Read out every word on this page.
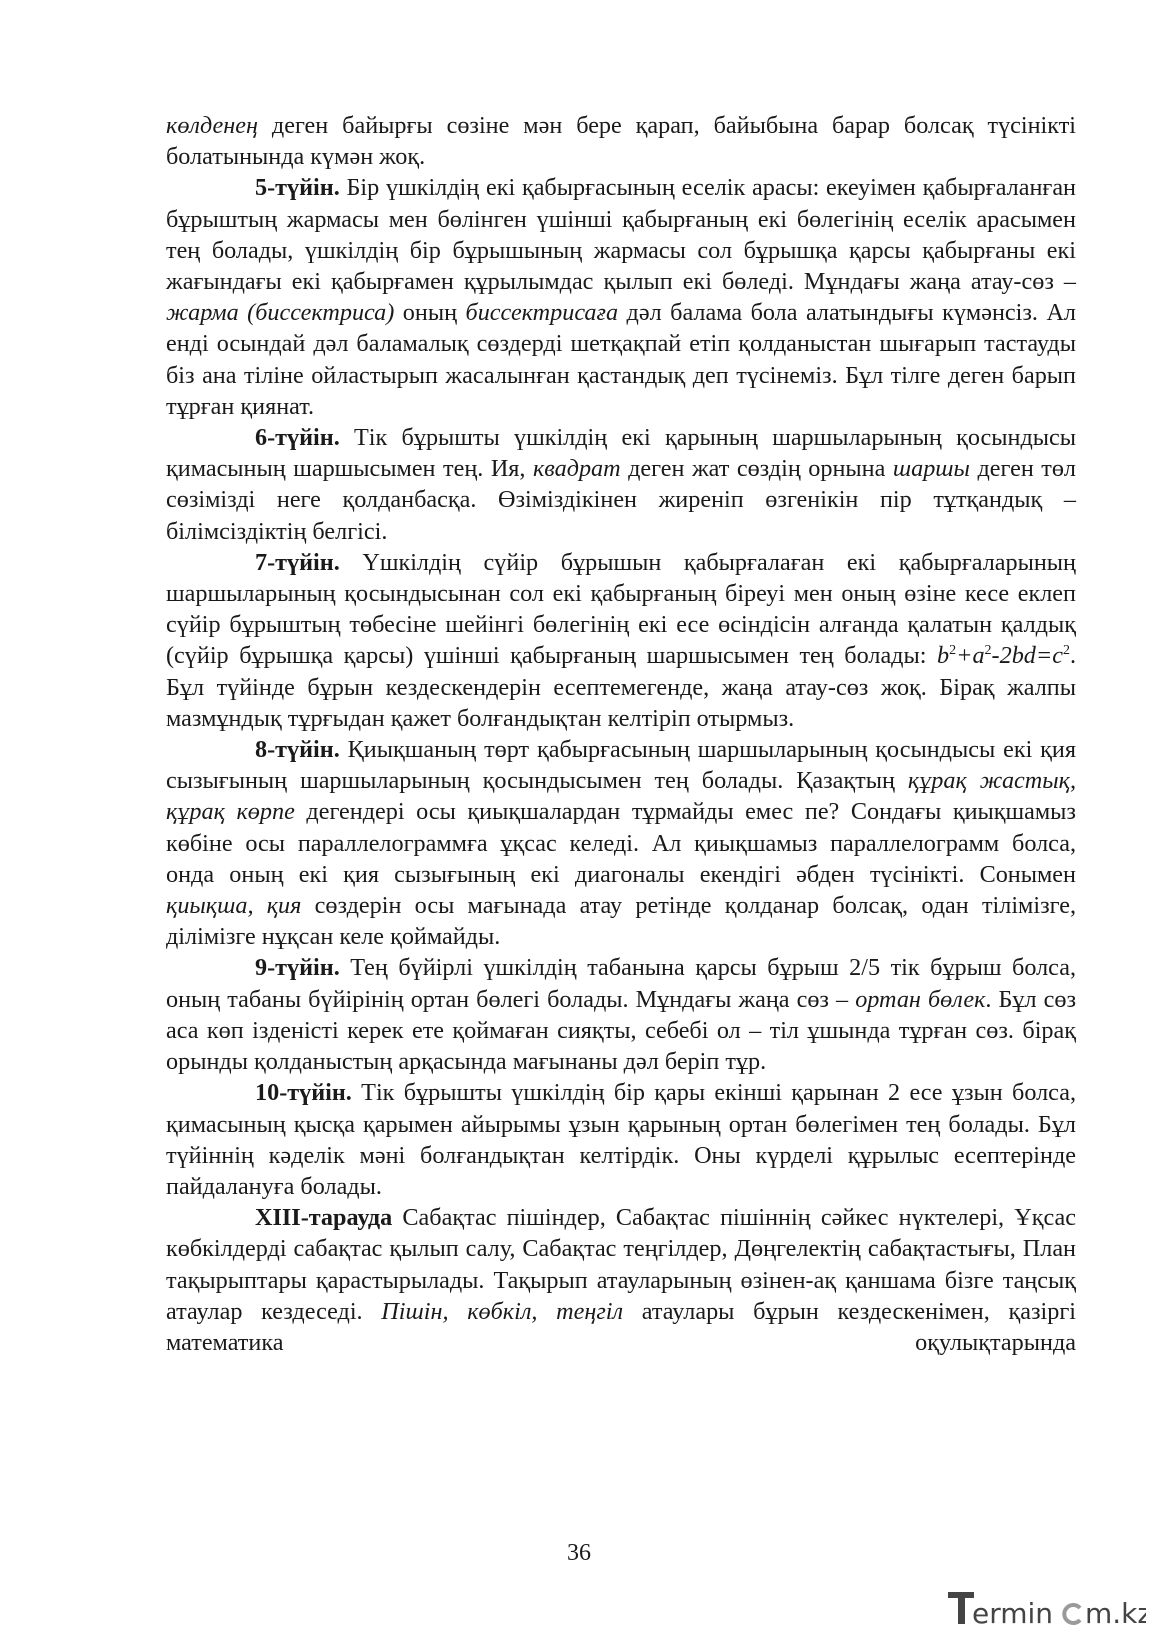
көлденең деген байырғы сөзіне мән бере қарап, байыбына барар болсақ түсінікті болатынында күмән жоқ.

5-түйін. Бір үшкілдің екі қабырғасының еселік арасы: екеуімен қабырғаланған бұрыштың жармасы мен бөлінген үшінші қабырғаның екі бөлегінің еселік арасымен тең болады, үшкілдің бір бұрышының жармасы сол бұрышқа қарсы қабырғаны екі жағындағы екі қабырғамен құрылымдас қылып екі бөледі. Мұндағы жаңа атау-сөз – жарма (биссектриса) оның биссектрисаға дәл балама бола алатындығы күмәнсіз. Ал енді осындай дәл баламалық сөздерді шетқақпай етіп қолданыстан шығарып тастауды біз ана тіліне ойластырып жасалынған қастандық деп түсінеміз. Бұл тілге деген барып тұрған қиянат.

6-түйін. Тік бұрышты үшкілдің екі қарының шаршыларының қосындысы қимасының шаршысымен тең. Ия, квадрат деген жат сөздің орнына шаршы деген төл сөзімізді неге қолданбасқа. Өзіміздікінен жиреніп өзгенікін пір тұтқандық – білімсіздіктің белгісі.

7-түйін. Үшкілдің сүйір бұрышын қабырғалаған екі қабырғаларының шаршыларының қосындысынан сол екі қабырғаның біреуі мен оның өзіне кесе еклеп сүйір бұрыштың төбесіне шейінгі бөлегінің екі есе өсіндісін алғанда қалатын қалдық (сүйір бұрышқа қарсы) үшінші қабырғаның шаршысымен тең болады: $b^2+a^2-2bd=c^2$. Бұл түйінде бұрын кездескендерін есептемегенде, жаңа атау-сөз жоқ. Бірақ жалпы мазмұндық тұрғыдан қажет болғандықтан келтіріп отырмыз.

8-түйін. Қиықшаның төрт қабырғасының шаршыларының қосындысы екі қия сызығының шаршыларының қосындысымен тең болады. Қазақтың құрақ жастық, құрақ көрпе дегендері осы қиықшалардан тұрмайды емес пе? Сондағы қиықшамыз көбіне осы параллелограммға ұқсас келеді. Ал қиықшамыз параллелограмм болса, онда оның екі қия сызығының екі диагоналы екендігі әбден түсінікті. Сонымен қиықша, қия сөздерін осы мағынада атау ретінде қолданар болсақ, одан тілімізге, ділімізге нұқсан келе қоймайды.

9-түйін. Тең бүйірлі үшкілдің табанына қарсы бұрыш 2/5 тік бұрыш болса, оның табаны бүйірінің ортан бөлегі болады. Мұндағы жаңа сөз – ортан бөлек. Бұл сөз аса көп ізденісті керек ете қоймаған сияқты, себебі ол – тіл ұшында тұрған сөз. бірақ орынды қолданыстың арқасында мағынаны дәл беріп тұр.

10-түйін. Тік бұрышты үшкілдің бір қары екінші қарынан 2 есе ұзын болса, қимасының қысқа қарымен айырымы ұзын қарының ортан бөлегімен тең болады. Бұл түйіннің кәделік мәні болғандықтан келтірдік. Оны күрделі құрылыс есептерінде пайдалануға болады.

ХІІІ-тарауда Сабақтас пішіндер, Сабақтас пішіннің сәйкес нүктелері, Ұқсас көбкілдерді сабақтас қылып салу, Сабақтас теңгілдер, Дөңгелектің сабақтастығы, План тақырыптары қарастырылады. Тақырып атауларының өзінен-ақ қаншама бізге таңсық атаулар кездеседі. Пішін, көбкіл, теңгіл атаулары бұрын кездескенімен, қазіргі математика оқулықтарында

36
ermin m.kz
